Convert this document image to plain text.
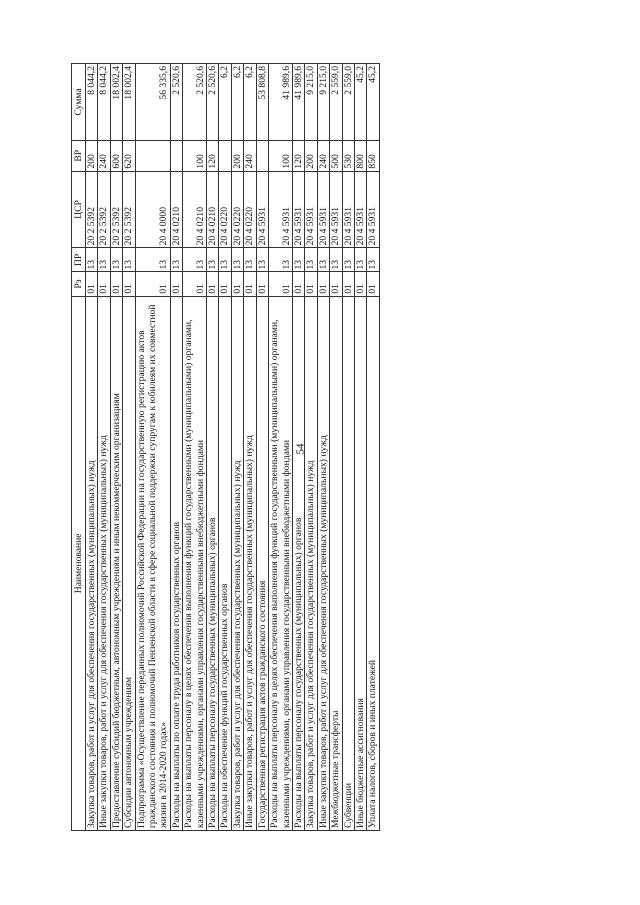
54
Наименование	Рз	ПР	ЦСР	ВР	Сумма
Закупка товаров, работ и услуг для обеспечения государственных (муниципальных) нужд	01	13	20 2 5392	200	8 044,2
Иные закупки товаров, работ и услуг для обеспечения государственных (муниципальных) нужд	01	13	20 2 5392	240	8 044,2
Предоставление субсидий бюджетным, автономным учреждениям и иным некоммерческим организациям	01	13	20 2 5392	600	18 002,4
Субсидии автономным учреждениям	01	13	20 2 5392	620	18 002,4
Подпрограмма «Осуществление переданных полномочий Российской Федерации на государственную регистрацию актов гражданского состояния и полномочий Пензенской области в сфере социальной поддержки супругам к юбилеям их совместной жизни в 2014-2020 годах»	01	13	20 4 0000		56 335,6
Расходы на выплаты по оплате труда работников государственных органов	01	13	20 4 0210		2 520,6
Расходы на выплаты персоналу в целях обеспечения выполнения функций государственными (муниципальными) органами, казенными учреждениями, органами управления государственными внебюджетными фондами	01	13	20 4 0210	100	2 520,6
Расходы на выплаты персоналу государственных (муниципальных) органов	01	13	20 4 0210	120	2 520,6
Расходы на обеспечение функций государственных органов	01	13	20 4 0220		6,2
Закупка товаров, работ и услуг для обеспечения государственных (муниципальных) нужд	01	13	20 4 0220	200	6,2
Иные закупки товаров, работ и услуг для обеспечения государственных (муниципальных) нужд	01	13	20 4 0220	240	6,2
Государственная регистрация актов гражданского состояния	01	13	20 4 5931		53 808,8
Расходы на выплаты персоналу в целях обеспечения выполнения функций государственными (муниципальными) органами, казенными учреждениями, органами управления государственными внебюджетными фондами	01	13	20 4 5931	100	41 989,6
Расходы на выплаты персоналу государственных (муниципальных) органов	01	13	20 4 5931	120	41 989,6
Закупка товаров, работ и услуг для обеспечения государственных (муниципальных) нужд	01	13	20 4 5931	200	9 215,0
Иные закупки товаров, работ и услуг для обеспечения государственных (муниципальных) нужд	01	13	20 4 5931	240	9 215,0
Межбюджетные трансферты	01	13	20 4 5931	500	2 559,0
Субвенции	01	13	20 4 5931	530	2 559,0
Иные бюджетные ассигнования	01	13	20 4 5931	800	45,2
Уплата налогов, сборов и иных платежей	01	13	20 4 5931	850	45,2
